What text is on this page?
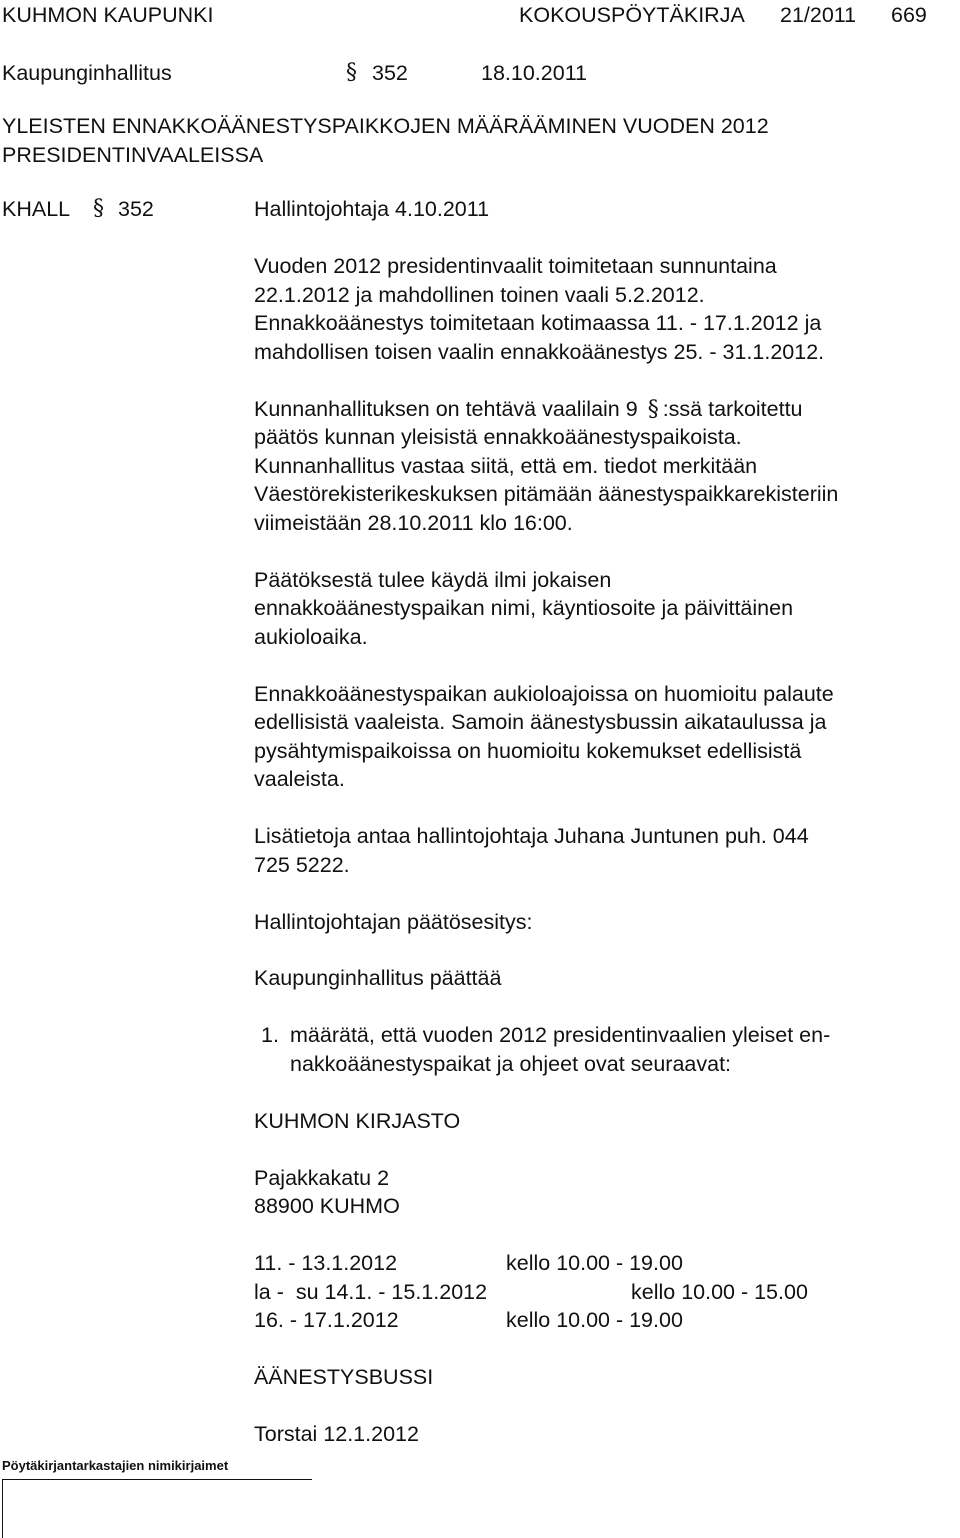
KUHMON KAUPUNKI	KOKOUSPÖYTÄKIRJA 21/2011 669
Kaupunginhallitus	§ 352	18.10.2011
YLEISTEN ENNAKKOÄÄNESTYSPAIKKOJEN MÄÄRÄÄMINEN VUODEN 2012
PRESIDENTINVAALEISSA
KHALL § 352	Hallintojohtaja 4.10.2011
Vuoden 2012 presidentinvaalit toimitetaan sunnuntaina
22.1.2012 ja mahdollinen toinen vaali 5.2.2012.
Ennakkoäänestys toimitetaan kotimaassa 11. - 17.1.2012 ja
mahdollisen toisen vaalin ennakkoäänestys 25. - 31.1.2012.
Kunnanhallituksen on tehtävä vaalilain 9 § :ssä tarkoitettu
päätös kunnan yleisistä ennakkoäänestyspaikoista.
Kunnanhallitus vastaa siitä, että em. tiedot merkitään
Väestörekisterikeskuksen pitämään äänestyspaikkarekisteriin
viimeistään 28.10.2011 klo 16:00.
Päätöksestä tulee käydä ilmi jokaisen
ennakkoäänestyspaikan nimi, käyntiosoite ja päivittäinen
aukioloaika.
Ennakkoäänestyspaikan aukioloajoissa on huomioitu palaute
edellisistä vaaleista. Samoin äänestysbussin aikataulussa ja
pysähtymispaikoissa on huomioitu kokemukset edellisistä
vaaleista.
Lisätietoja antaa hallintojohtaja Juhana Juntunen puh. 044
725 5222.
Hallintojohtajan päätösesitys:
Kaupunginhallitus päättää
1. määrätä, että vuoden 2012 presidentinvaalien yleiset en-
nakkoäänestyspaikat ja ohjeet ovat seuraavat:
KUHMON KIRJASTO
Pajakkakatu 2
88900 KUHMO
11. - 13.1.2012	kello 10.00 - 19.00
la -  su 14.1. - 15.1.2012	kello 10.00 - 15.00
16. - 17.1.2012	kello 10.00 - 19.00
ÄÄNESTYSBUSSI
Torstai 12.1.2012
Pöytäkirjantarkastajien nimikirjaimet
